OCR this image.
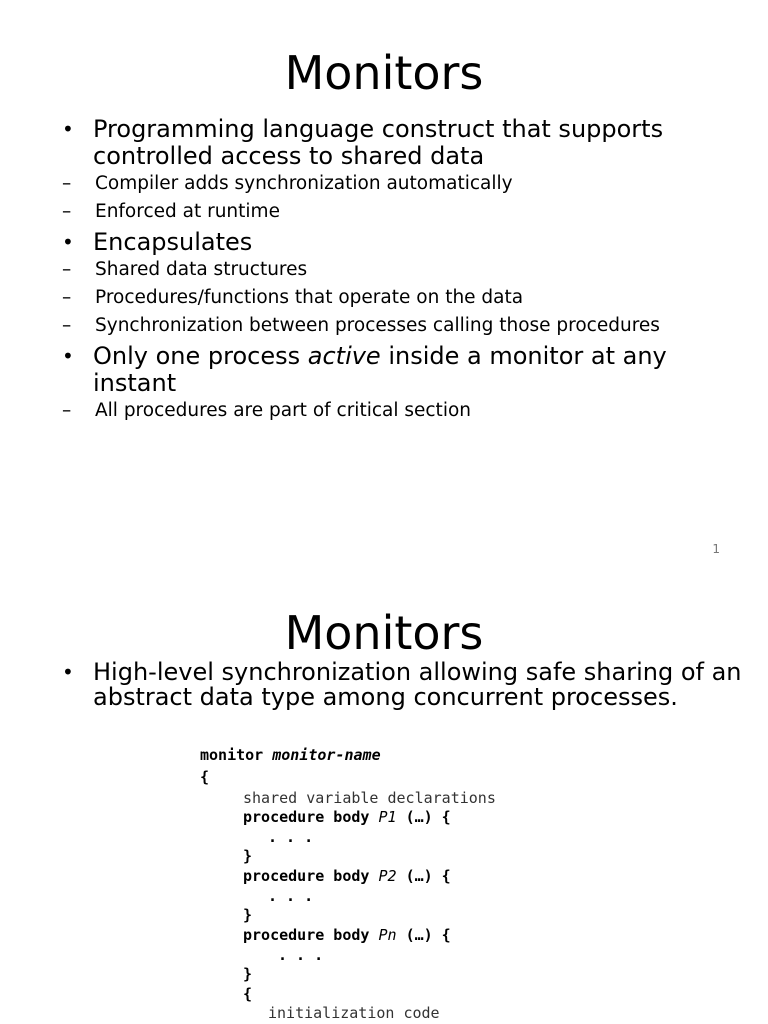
Monitors
• Programming language construct that supports controlled access to shared data
– Compiler adds synchronization automatically
– Enforced at runtime
• Encapsulates
– Shared data structures
– Procedures/functions that operate on the data
– Synchronization between processes calling those procedures
• Only one process active inside a monitor at any instant
– All procedures are part of critical section
1
Monitors
• High-level synchronization allowing safe sharing of an abstract data type among concurrent processes.
monitor monitor-name
{
shared variable declarations
procedure body P1 (…) {
. . .
}
procedure body P2 (…) {
. . .
}
procedure body Pn (…) {
. . .
}
{
initialization code
